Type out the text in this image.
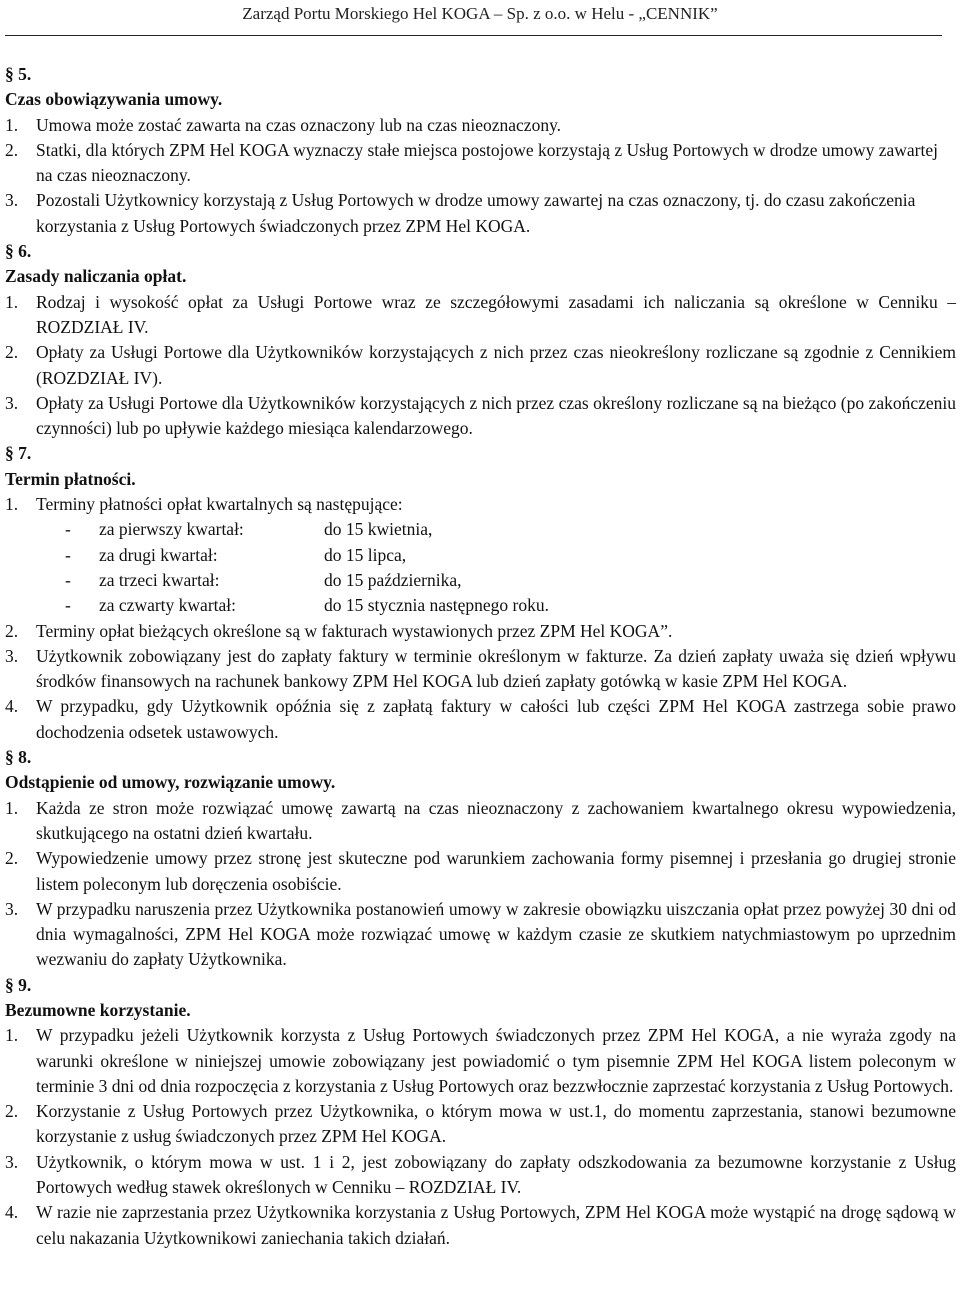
Zarząd Portu Morskiego Hel KOGA – Sp. z o.o. w Helu - „CENNIK”
§ 5.
Czas obowiązywania umowy.
1. Umowa może zostać zawarta na czas oznaczony lub na czas nieoznaczony.
2. Statki, dla których ZPM Hel KOGA wyznaczy stałe miejsca postojowe korzystają z Usług Portowych w drodze umowy zawartej na czas nieoznaczony.
3. Pozostali Użytkownicy korzystają z Usług Portowych w drodze umowy zawartej na czas oznaczony, tj. do czasu zakończenia korzystania z Usług Portowych świadczonych przez ZPM Hel KOGA.
§ 6.
Zasady naliczania opłat.
1. Rodzaj i wysokość opłat za Usługi Portowe wraz ze szczegółowymi zasadami ich naliczania są określone w Cenniku – ROZDZIAŁ IV.
2. Opłaty za Usługi Portowe dla Użytkowników korzystających z nich przez czas nieokreślony rozliczane są zgodnie z Cennikiem (ROZDZIAŁ IV).
3. Opłaty za Usługi Portowe dla Użytkowników korzystających z nich przez czas określony rozliczane są na bieżąco (po zakończeniu czynności) lub po upływie każdego miesiąca kalendarzowego.
§ 7.
Termin płatności.
1. Terminy płatności opłat kwartalnych są następujące:
-	za pierwszy kwartał:	do 15 kwietnia,
-	za drugi kwartał:	do 15 lipca,
-	za trzeci kwartał:	do 15 października,
-	za czwarty kwartał:	do 15 stycznia następnego roku.
2. Terminy opłat bieżących określone są w fakturach wystawionych przez ZPM Hel KOGA”.
3. Użytkownik zobowiązany jest do zapłaty faktury w terminie określonym w fakturze. Za dzień zapłaty uważa się dzień wpływu środków finansowych na rachunek bankowy ZPM Hel KOGA lub dzień zapłaty gotówką w kasie ZPM Hel KOGA.
4. W przypadku, gdy Użytkownik opóźnia się z zapłatą faktury w całości lub części ZPM Hel KOGA zastrzega sobie prawo dochodzenia odsetek ustawowych.
§ 8.
Odstąpienie od umowy, rozwiązanie umowy.
1. Każda ze stron może rozwiązać umowę zawartą na czas nieoznaczony z zachowaniem kwartalnego okresu wypowiedzenia, skutkującego na ostatni dzień kwartału.
2. Wypowiedzenie umowy przez stronę jest skuteczne pod warunkiem zachowania formy pisemnej i przesłania go drugiej stronie listem poleconym lub doręczenia osobiście.
3. W przypadku naruszenia przez Użytkownika postanowień umowy w zakresie obowiązku uiszczania opłat przez powyżej 30 dni od dnia wymagalności, ZPM Hel KOGA może rozwiązać umowę w każdym czasie ze skutkiem natychmiastowym po uprzednim wezwaniu do zapłaty Użytkownika.
§ 9.
Bezumowne korzystanie.
1. W przypadku jeżeli Użytkownik korzysta z Usług Portowych świadczonych przez ZPM Hel KOGA, a nie wyraża zgody na warunki określone w niniejszej umowie zobowiązany jest powiadomić o tym pisemnie ZPM Hel KOGA listem poleconym w terminie 3 dni od dnia rozpoczęcia z korzystania z Usług Portowych oraz bezzwłocznie zaprzestać korzystania z Usług Portowych.
2. Korzystanie z Usług Portowych przez Użytkownika, o którym mowa w ust.1, do momentu zaprzestania, stanowi bezumowne korzystanie z usług świadczonych przez ZPM Hel KOGA.
3. Użytkownik, o którym mowa w ust. 1 i 2, jest zobowiązany do zapłaty odszkodowania za bezumowne korzystanie z Usług Portowych według stawek określonych w Cenniku – ROZDZIAŁ IV.
4. W razie nie zaprzestania przez Użytkownika korzystania z Usług Portowych, ZPM Hel KOGA może wystąpić na drogę sądową w celu nakazania Użytkownikowi zaniechania takich działań.
